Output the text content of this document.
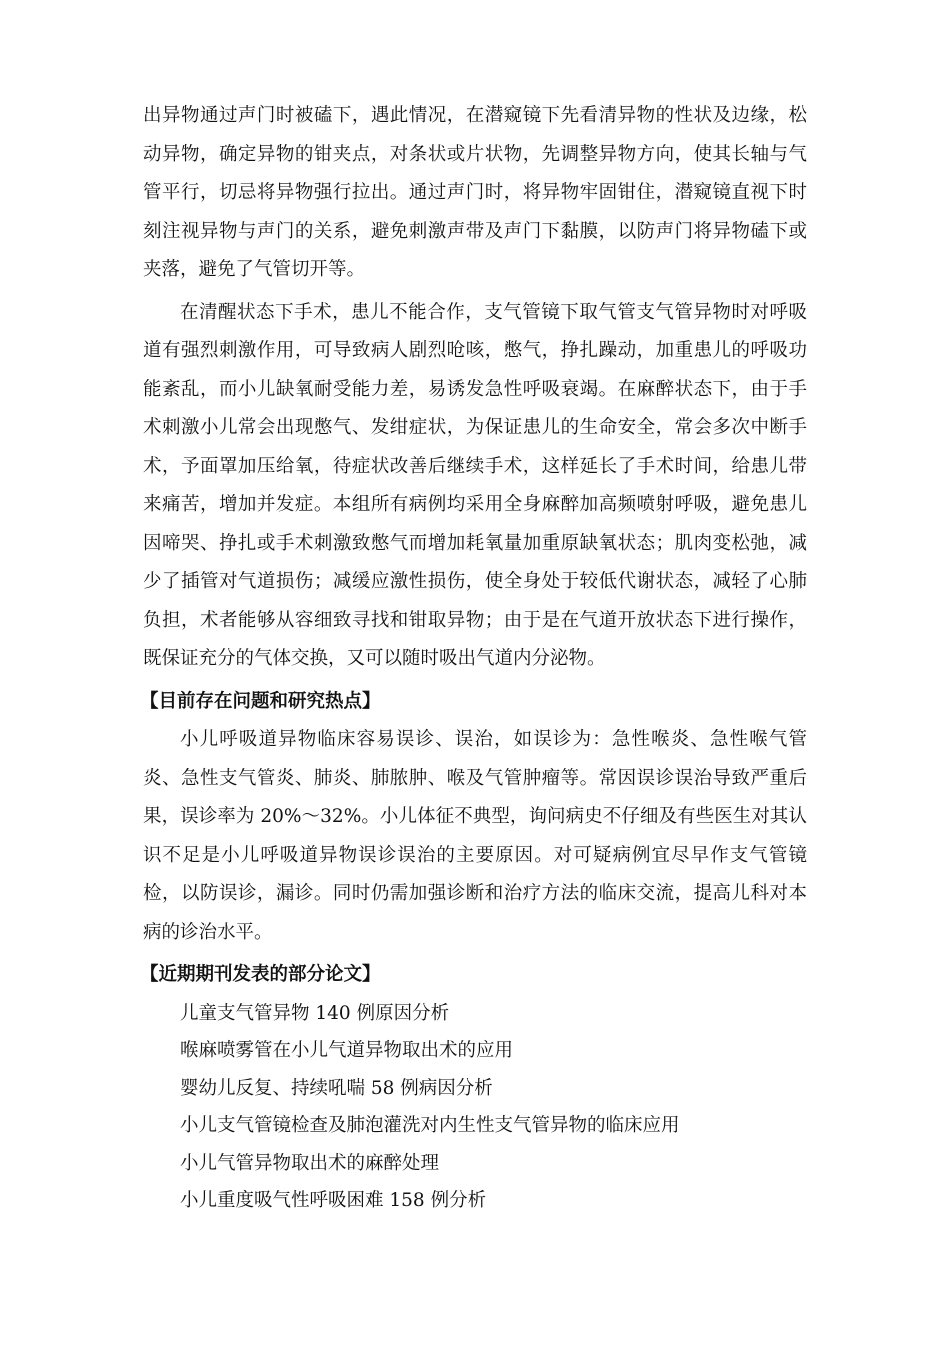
出异物通过声门时被磕下，遇此情况，在潜窥镜下先看清异物的性状及边缘，松动异物，确定异物的钳夹点，对条状或片状物，先调整异物方向，使其长轴与气管平行，切忌将异物强行拉出。通过声门时，将异物牢固钳住，潜窥镜直视下时刻注视异物与声门的关系，避免刺激声带及声门下黏膜，以防声门将异物磕下或夹落，避免了气管切开等。

在清醒状态下手术，患儿不能合作，支气管镜下取气管支气管异物时对呼吸道有强烈刺激作用，可导致病人剧烈呛咳，憋气，挣扎躁动，加重患儿的呼吸功能紊乱，而小儿缺氧耐受能力差，易诱发急性呼吸衰竭。在麻醉状态下，由于手术刺激小儿常会出现憋气、发绀症状，为保证患儿的生命安全，常会多次中断手术，予面罩加压给氧，待症状改善后继续手术，这样延长了手术时间，给患儿带来痛苦，增加并发症。本组所有病例均采用全身麻醉加高频喷射呼吸，避免患儿因啼哭、挣扎或手术刺激致憋气而增加耗氧量加重原缺氧状态；肌肉变松弛，减少了插管对气道损伤；减缓应激性损伤，使全身处于较低代谢状态，减轻了心肺负担，术者能够从容细致寻找和钳取异物；由于是在气道开放状态下进行操作，既保证充分的气体交换，又可以随时吸出气道内分泌物。

【目前存在问题和研究热点】

小儿呼吸道异物临床容易误诊、误治，如误诊为：急性喉炎、急性喉气管炎、急性支气管炎、肺炎、肺脓肿、喉及气管肿瘤等。常因误诊误治导致严重后果，误诊率为 20%～32%。小儿体征不典型，询问病史不仔细及有些医生对其认识不足是小儿呼吸道异物误诊误治的主要原因。对可疑病例宜尽早作支气管镜检，以防误诊，漏诊。同时仍需加强诊断和治疗方法的临床交流，提高儿科对本病的诊治水平。

【近期期刊发表的部分论文】
儿童支气管异物 140 例原因分析
喉麻喷雾管在小儿气道异物取出术的应用
婴幼儿反复、持续吼喘 58 例病因分析
小儿支气管镜检查及肺泡灌洗对内生性支气管异物的临床应用
小儿气管异物取出术的麻醉处理
小儿重度吸气性呼吸困难 158 例分析
